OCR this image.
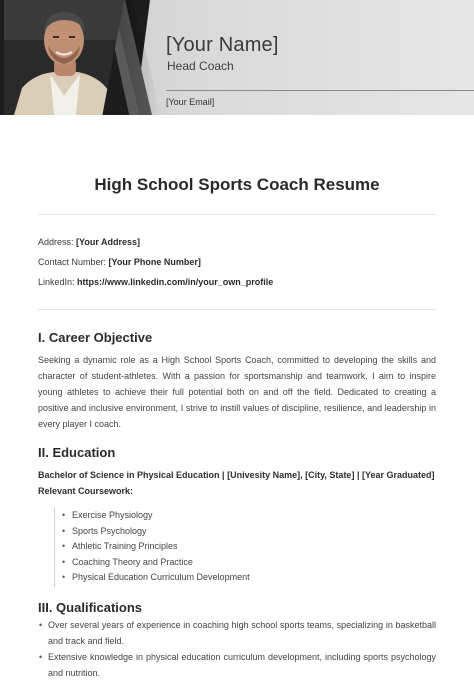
[Your Name]
Head Coach
[Your Email]
High School Sports Coach Resume
Address: [Your Address]
Contact Number: [Your Phone Number]
LinkedIn: https://www.linkedin.com/in/your_own_profile
I. Career Objective
Seeking a dynamic role as a High School Sports Coach, committed to developing the skills and character of student-athletes. With a passion for sportsmanship and teamwork, I aim to inspire young athletes to achieve their full potential both on and off the field. Dedicated to creating a positive and inclusive environment, I strive to instill values of discipline, resilience, and leadership in every player I coach.
II. Education
Bachelor of Science in Physical Education | [Univesity Name], [City, State] | [Year Graduated]
Relevant Coursework:
• Exercise Physiology
• Sports Psychology
• Athletic Training Principles
• Coaching Theory and Practice
• Physical Education Curriculum Development
III. Qualifications
• Over several years of experience in coaching high school sports teams, specializing in basketball and track and field.
• Extensive knowledge in physical education curriculum development, including sports psychology and nutrition.
